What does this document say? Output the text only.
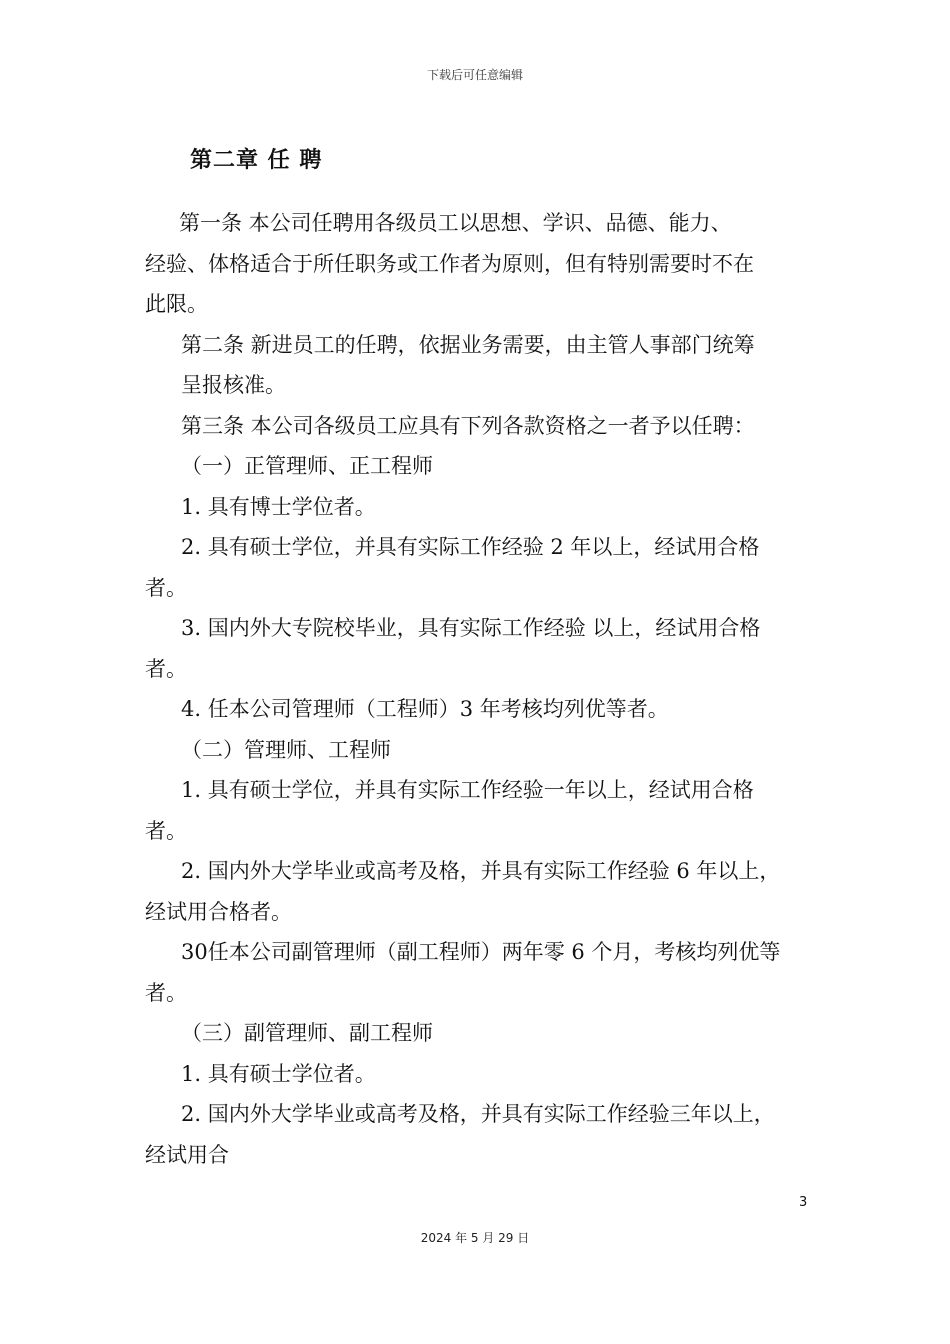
下载后可任意编辑
第二章 任 聘
第一条 本公司任聘用各级员工以思想、学识、品德、能力、
经验、体格适合于所任职务或工作者为原则，但有特别需要时不在
此限。
第二条 新进员工的任聘，依据业务需要，由主管人事部门统筹
呈报核准。
第三条 本公司各级员工应具有下列各款资格之一者予以任聘：
（一）正管理师、正工程师
1. 具有博士学位者。
2. 具有硕士学位，并具有实际工作经验 2 年以上，经试用合格
者。
3. 国内外大专院校毕业，具有实际工作经验 以上，经试用合格
者。
4. 任本公司管理师（工程师）3 年考核均列优等者。
（二）管理师、工程师
1. 具有硕士学位，并具有实际工作经验一年以上，经试用合格
者。
2. 国内外大学毕业或高考及格，并具有实际工作经验 6 年以上，
经试用合格者。
30任本公司副管理师（副工程师）两年零 6 个月，考核均列优等
者。
（三）副管理师、副工程师
1. 具有硕士学位者。
2. 国内外大学毕业或高考及格，并具有实际工作经验三年以上，
经试用合
3
2024 年 5 月 29 日
